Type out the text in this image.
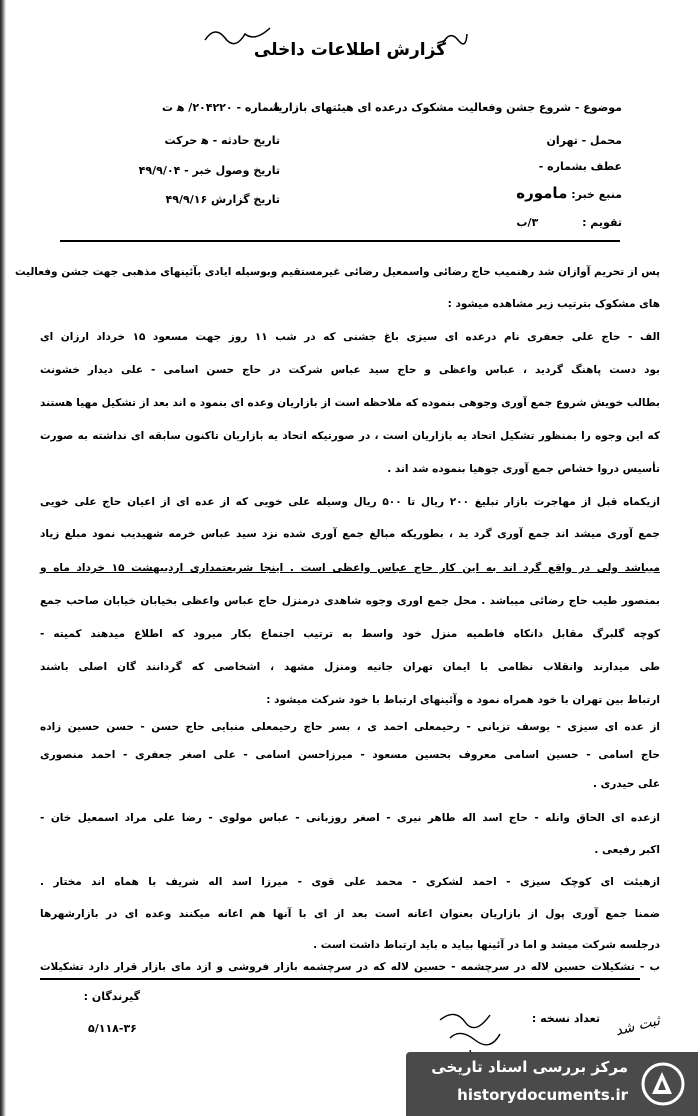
گزارش اطلاعات داخلی
موضوع - شروع جشن وفعالیت مشکوک درعده ای هیئتهای بازاریا
محمل - تهران
عطف بشماره -
منبع خبر: ماموره
تقویم : ۳/ب
شماره - ۲۰۴۲۲۰/ ه‍ ت
تاریخ حادثه - ه‍ حرکت
تاریخ وصول خبر - ۴۹/۹/۰۴
تاریخ گزارش ۴۹/۹/۱۶
پس از تحریم آوازان شد رهنمیب حاج رضائی واسمعیل رضائی غیرمستقیم وبوسیله ایادی بآئینهای مذهبی جهت جشن وفعالیت
های مشکوک بترتیب زیر مشاهده میشود :
الف - حاج علی جعفری نام درعده ای سیزی باغ جشنی که در شب ۱۱ روز جهت مسعود ۱۵ خرداد ارزان ای
بود دست پاهنگ گردید ، عباس واعظی و حاج سید عباس شرکت در حاج حسن اسامی - علی دیدار خشونت
بطالب خویش شروع جمع آوری وجوهی بنموده که ملاحظه است از بازاریان وعده ای بنمود ه اند بعد از تشکیل مهیا هستند
که این وجوه را بمنظور تشکیل اتحاد یه بازاریان است ، در صورتیکه اتحاد یه بازاریان تاکنون سابقه ای نداشته به صورت
تأسیس دروا خشاص جمع آوری جوهیا بنموده شد اند .
ازیکماه قبل از مهاجرت بازار تبلیغ ۲۰۰ ریال تا ۵۰۰ ریال وسیله علی خویی که از عده ای از اعیان حاج علی خویی
جمع آوری میشد اند جمع آوری گرد ید ، بطوریکه مبالغ جمع آوری شده نزد سید عباس خرمه شهیدیب نمود مبلغ زیاد
میباشد ولی در واقع گرد اند به این کار حاج عباس واعظی است . اینجا شریعتمداری اردیبهشت ۱۵ خرداد ماه و
بمنصور طیب حاج رضائی میباشد . محل جمع اوری وجوه شاهدی درمنزل حاج عباس واعظی بخیابان خیابان صاحب جمع
کوچه گلبرگ مقابل دانکاه فاطمیه منزل خود واسط به ترتیب اجتماع بکار میرود که اطلاع میدهند کمیته -
طی میدارند وانقلاب نظامی با ایمان تهران جانیه ومنزل مشهد ، اشخاصی که گردانند گان اصلی باشند
ارتباط بین تهران با خود همراه نمود ه وآئینهای ارتباط با خود شرکت میشود :
از عده ای سیزی - یوسف تزیانی - رحیمعلی احمد ی ، بسر حاج رحیمعلی منبایی حاج حسن - حسن حسین زاده
حاج اسامی - حسین اسامی معروف بحسین مسعود - میرزاحسن اسامی - علی اصغر جعفری - احمد منصوری
علی حیدری .
ازعده ای الحاق وانله - حاج اسد اله طاهر نیری - اصغر روزبانی - عباس مولوی - رضا علی مراد اسمعیل خان -
اکبر رفیعی .
ازهیئت ای کوچک سیزی - احمد لشکری - محمد علی قوی - میرزا اسد اله شریف با هماه اند مختار .
ضمنا جمع آوری پول از بازاریان بعنوان اعانه است بعد از ای با آنها هم اعانه میکنند وعده ای در بازارشهرها
درجلسه شرکت میشد و اما در آئینها بیاید ه باید ارتباط داشت است .
ب - تشکیلات حسین لاله در سرچشمه - حسین لاله که در سرچشمه بازار فروشی و ازد مای بازار قرار دارد تشکیلات
گیرندگان :
تعداد نسخه :
۵/۱۱۸-۳۶	ثبت شد
مرکز بررسی اسناد تاریخی
historydocuments.ir
